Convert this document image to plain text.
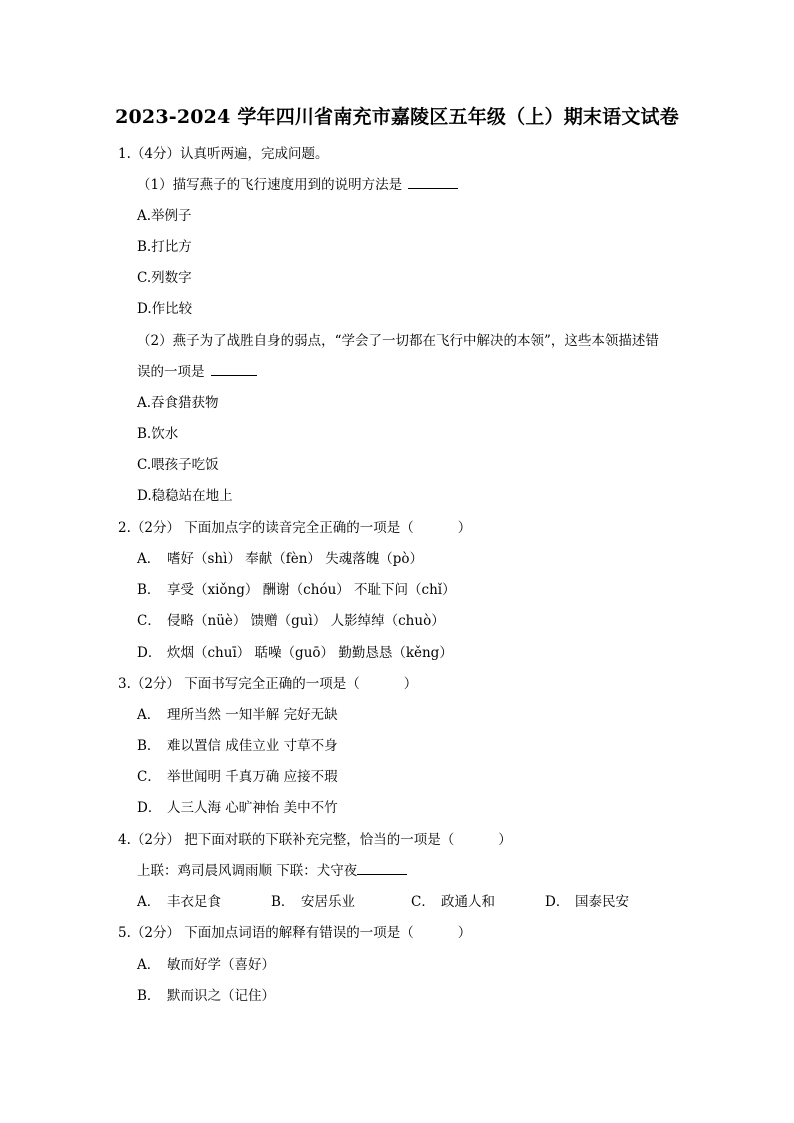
2023-2024 学年四川省南充市嘉陵区五年级（上）期末语文试卷
1.（4分）认真听两遍，完成问题。
（1）描写燕子的飞行速度用到的说明方法是
A.举例子
B.打比方
C.列数字
D.作比较
（2）燕子为了战胜自身的弱点，“学会了一切都在飞行中解决的本领”，这些本领描述错
误的一项是
A.吞食猎获物
B.饮水
C.喂孩子吃饭
D.稳稳站在地上
2.（2分） 下面加点字的读音完全正确的一项是（	）
A． 嗜好（shì） 奉献（fèn） 失魂落魄（pò）
B． 享受（xiǒng） 酬谢（chóu） 不耻下问（chǐ）
C． 侵略（nüè） 馈赠（guì） 人影绰绰（chuò）
D． 炊烟（chuī） 聒噪（guō） 勤勤恳恳（kěng）
3.（2分） 下面书写完全正确的一项是（	）
A． 理所当然 一知半解 完好无缺
B． 难以置信 成佳立业 寸草不身
C． 举世闻明 千真万确 应接不瑕
D． 人三人海 心旷神怡 美中不竹
4.（2分） 把下面对联的下联补充完整，恰当的一项是（	）
上联：鸡司晨风调雨顺 下联：犬守夜
A． 丰衣足食	B． 安居乐业	C． 政通人和	D． 国泰民安
5.（2分） 下面加点词语的解释有错误的一项是（	）
A． 敏而好学（喜好）
B． 默而识之（记住）
